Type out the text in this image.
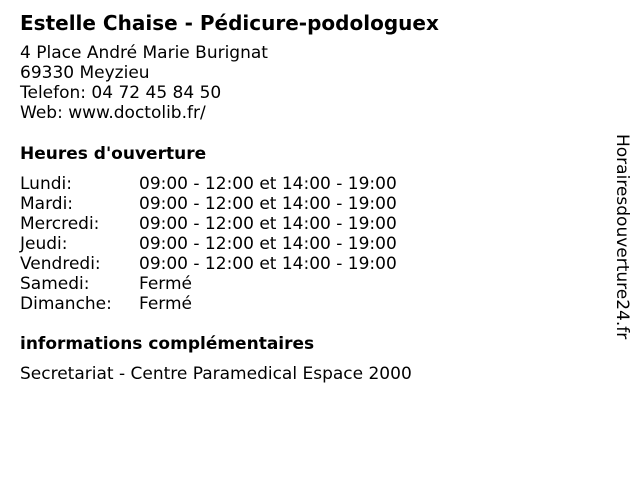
Estelle Chaise - Pédicure-podologuex
4 Place André Marie Burignat
69330 Meyzieu
Telefon: 04 72 45 84 50
Web: www.doctolib.fr/
Heures d'ouverture
Lundi:	09:00 - 12:00 et 14:00 - 19:00
Mardi:	09:00 - 12:00 et 14:00 - 19:00
Mercredi: 09:00 - 12:00 et 14:00 - 19:00
Jeudi:	09:00 - 12:00 et 14:00 - 19:00
Vendredi: 09:00 - 12:00 et 14:00 - 19:00
Samedi:	Fermé
Dimanche: Fermé
informations complémentaires
Secretariat - Centre Paramedical Espace 2000
Horairesdouverture24.fr
